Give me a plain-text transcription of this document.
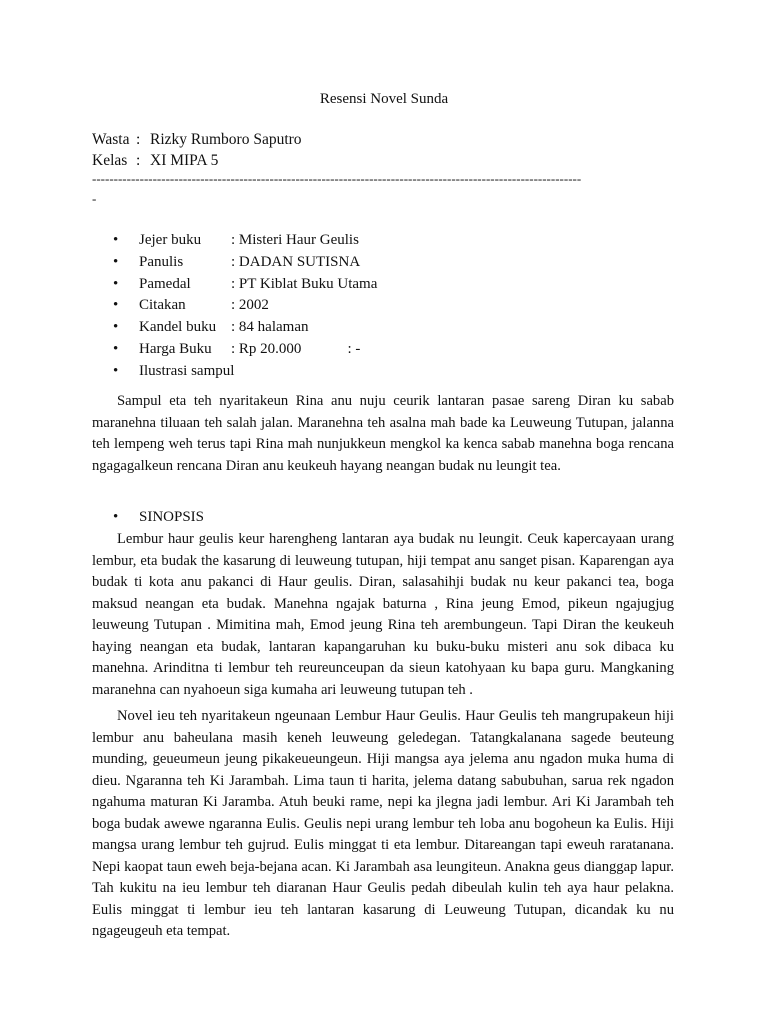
Resensi Novel Sunda
Wasta : Rizky Rumboro Saputro
Kelas : XI MIPA 5
-----------------------------------------------------------------------------------------------------------------
-
• Jejer buku : Misteri Haur Geulis
• Panulis	: DADAN SUTISNA
• Pamedal	: PT Kiblat Buku Utama
• Citakan	: 2002
• Kandel buku : 84 halaman
• Harga Buku : Rp 20.000	: -
• Ilustrasi sampul

Sampul eta teh nyaritakeun Rina anu nuju ceurik lantaran pasae sareng Diran ku sabab maranehna tiluaan teh salah jalan. Maranehna teh asalna mah bade ka Leuweung Tutupan, jalanna teh lempeng weh terus tapi Rina mah nunjukkeun mengkol ka kenca sabab manehna boga rencana ngagagalkeun rencana Diran anu keukeuh hayang neangan budak nu leungit tea.

• SINOPSIS

Lembur haur geulis keur harengheng lantaran aya budak nu leungit. Ceuk kapercayaan urang lembur, eta budak the kasarung di leuweung tutupan, hiji tempat anu sanget pisan. Kaparengan aya budak ti kota anu pakanci di Haur geulis. Diran, salasahihji budak nu keur pakanci tea, boga maksud neangan eta budak. Manehna ngajak baturna , Rina jeung Emod, pikeun ngajugjug leuweung Tutupan . Mimitina mah, Emod jeung Rina teh arembungeun. Tapi Diran the keukeuh haying neangan eta budak, lantaran kapangaruhan ku buku-buku misteri anu sok dibaca ku manehna. Arinditna ti lembur teh reureunceupan da sieun katohyaan ku bapa guru. Mangkaning maranehna can nyahoeun siga kumaha ari leuweung tutupan teh .

Novel ieu teh nyaritakeun ngeunaan Lembur Haur Geulis. Haur Geulis teh mangrupakeun hiji lembur anu baheulana masih keneh leuweung geledegan. Tatangkalanana sagede beuteung munding, geueumeun jeung pikakeueungeun. Hiji mangsa aya jelema anu ngadon muka huma di dieu. Ngaranna teh Ki Jarambah. Lima taun ti harita, jelema datang sabubuhan, sarua rek ngadon ngahuma maturan Ki Jaramba. Atuh beuki rame, nepi ka jlegna jadi lembur. Ari Ki Jarambah teh boga budak awewe ngaranna Eulis. Geulis nepi urang lembur teh loba anu bogoheun ka Eulis. Hiji mangsa urang lembur teh gujrud. Eulis minggat ti eta lembur. Ditareangan tapi eweuh raratanana. Nepi kaopat taun eweh beja-bejana acan. Ki Jarambah asa leungiteun. Anakna geus dianggap lapur. Tah kukitu na ieu lembur teh diaranan Haur Geulis pedah dibeulah kulin teh aya haur pelakna. Eulis minggat ti lembur ieu teh lantaran kasarung di Leuweung Tutupan, dicandak ku nu ngageugeuh eta tempat.
